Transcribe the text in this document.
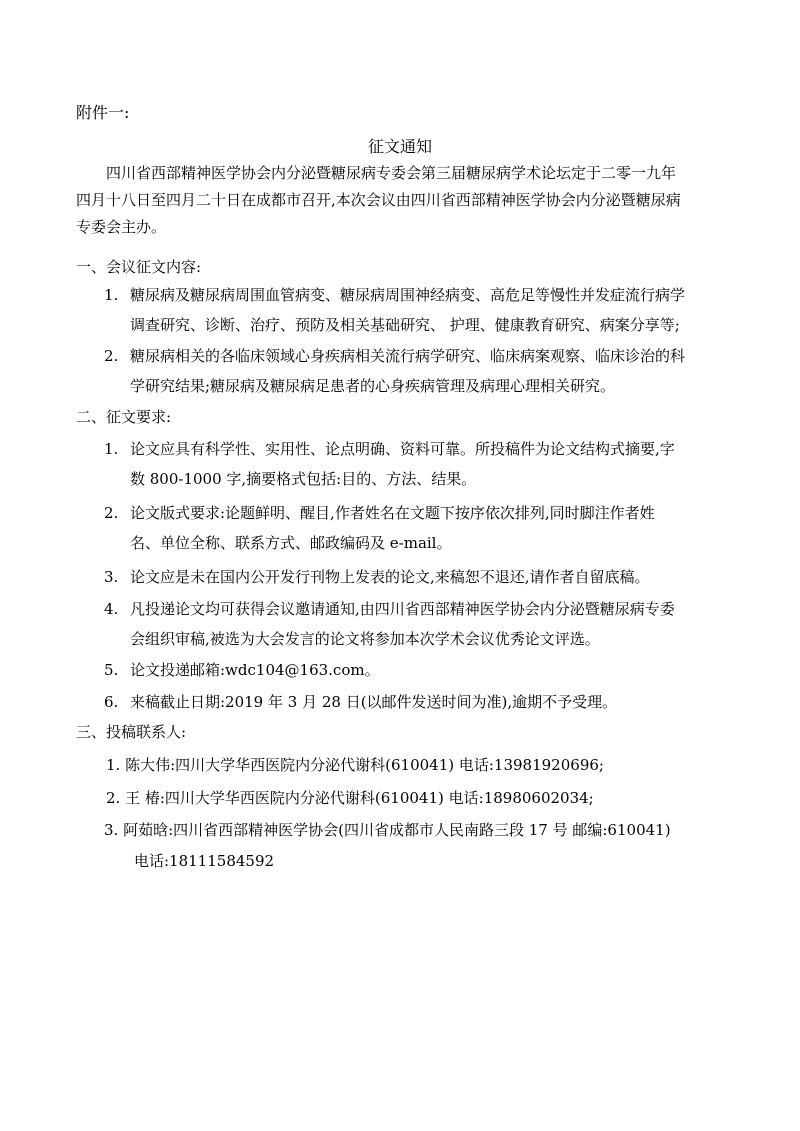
附件一:
征文通知
四川省西部精神医学协会内分泌暨糖尿病专委会第三届糖尿病学术论坛定于二零一九年
四月十八日至四月二十日在成都市召开,本次会议由四川省西部精神医学协会内分泌暨糖尿病
专委会主办。
一、会议征文内容:
1. 糖尿病及糖尿病周围血管病变、糖尿病周围神经病变、高危足等慢性并发症流行病学
调查研究、诊断、治疗、预防及相关基础研究、 护理、健康教育研究、病案分享等;
2. 糖尿病相关的各临床领域心身疾病相关流行病学研究、临床病案观察、临床诊治的科
学研究结果;糖尿病及糖尿病足患者的心身疾病管理及病理心理相关研究。
二、征文要求:
1. 论文应具有科学性、实用性、论点明确、资料可靠。所投稿件为论文结构式摘要,字
数 800-1000 字,摘要格式包括:目的、方法、结果。
2. 论文版式要求:论题鲜明、醒目,作者姓名在文题下按序依次排列,同时脚注作者姓
名、单位全称、联系方式、邮政编码及 e-mail。
3. 论文应是未在国内公开发行刊物上发表的论文,来稿恕不退还,请作者自留底稿。
4. 凡投递论文均可获得会议邀请通知,由四川省西部精神医学协会内分泌暨糖尿病专委
会组织审稿,被选为大会发言的论文将参加本次学术会议优秀论文评选。
5. 论文投递邮箱:wdc104@163.com。
6. 来稿截止日期:2019 年 3 月 28 日(以邮件发送时间为准),逾期不予受理。
三、投稿联系人:
1. 陈大伟:四川大学华西医院内分泌代谢科(610041) 电话:13981920696;
2. 王 椿:四川大学华西医院内分泌代谢科(610041) 电话:18980602034;
3. 阿茹晗:四川省西部精神医学协会(四川省成都市人民南路三段 17 号 邮编:610041)
电话:18111584592
